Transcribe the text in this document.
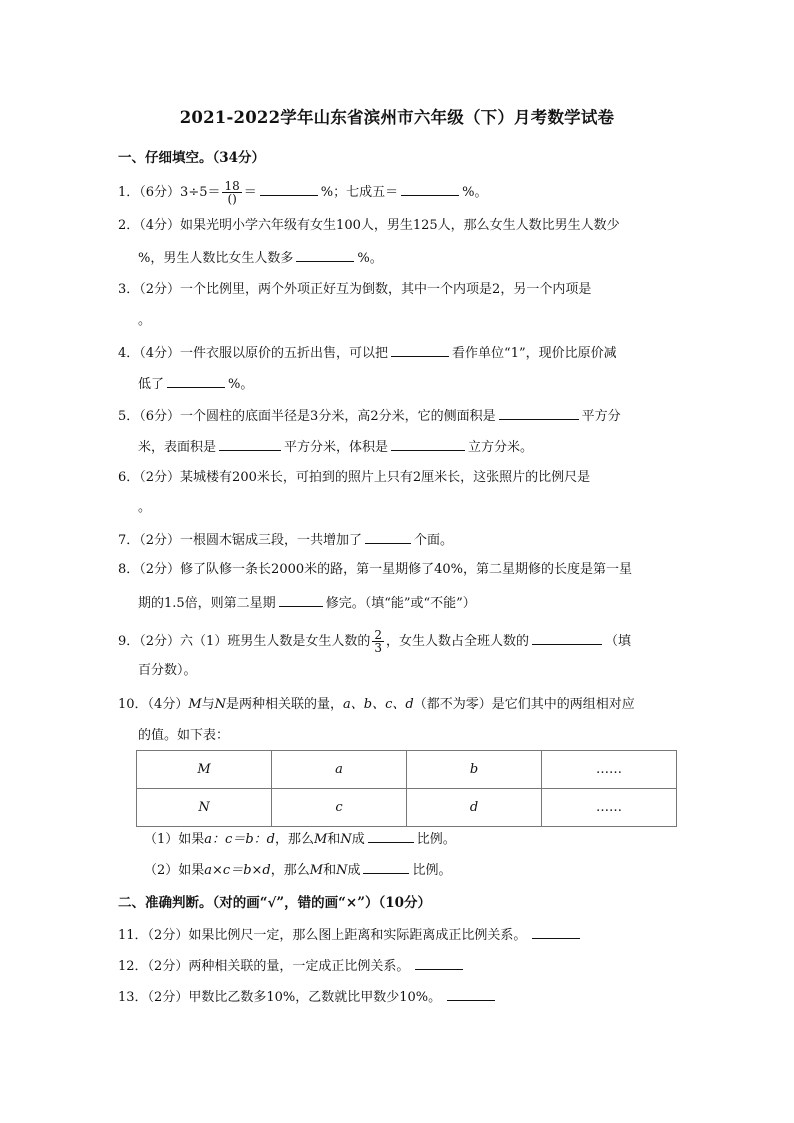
2021-2022学年山东省滨州市六年级（下）月考数学试卷
一、仔细填空。（34分）
1．（6分）$3\div 5= \frac{18}{()}$ ＝	%；七成五＝	%。
2．（4分）如果光明小学六年级有女生100人，男生125人，那么女生人数比男生人数少
%，男生人数比女生人数多	%。
3．（2分）一个比例里，两个外项正好互为倒数，其中一个内项是2，另一个内项是
。
4．（4分）一件衣服以原价的五折出售，可以把	看作单位“1”，现价比原价减
低了	%。
5．（6分）一个圆柱的底面半径是3分米，高2分米，它的侧面积是	平方分
米，表面积是	平方分米，体积是	立方分米。
6．（2分）某城楼有200米长，可拍到的照片上只有2厘米长，这张照片的比例尺是
。
7．（2分）一根圆木锯成三段，一共增加了	个面。
8．（2分）修了队修一条长2000米的路，第一星期修了40%，第二星期修的长度是第一星
期的1.5倍，则第二星期	修完。（填“能”或“不能”）
9．（2分）六（1）班男生人数是女生人数的 $\frac{2}{3}$ ，女生人数占全班人数的	（填
百分数）。
10．（4分）M与N是两种相关联的量，a、b、c、d（都不为零）是它们其中的两组相对应
的值。如下表：
M	a	b	……
N	c	d	……
（1）如果a：c＝b：d，那么M和N成	比例。
（2）如果a×c＝b×d，那么M和N成	比例。
二、准确判断。（对的画“√”，错的画“×”）（10分）
11．（2分）如果比例尺一定，那么图上距离和实际距离成正比例关系。
12．（2分）两种相关联的量，一定成正比例关系。
13．（2分）甲数比乙数多10%，乙数就比甲数少10%。
